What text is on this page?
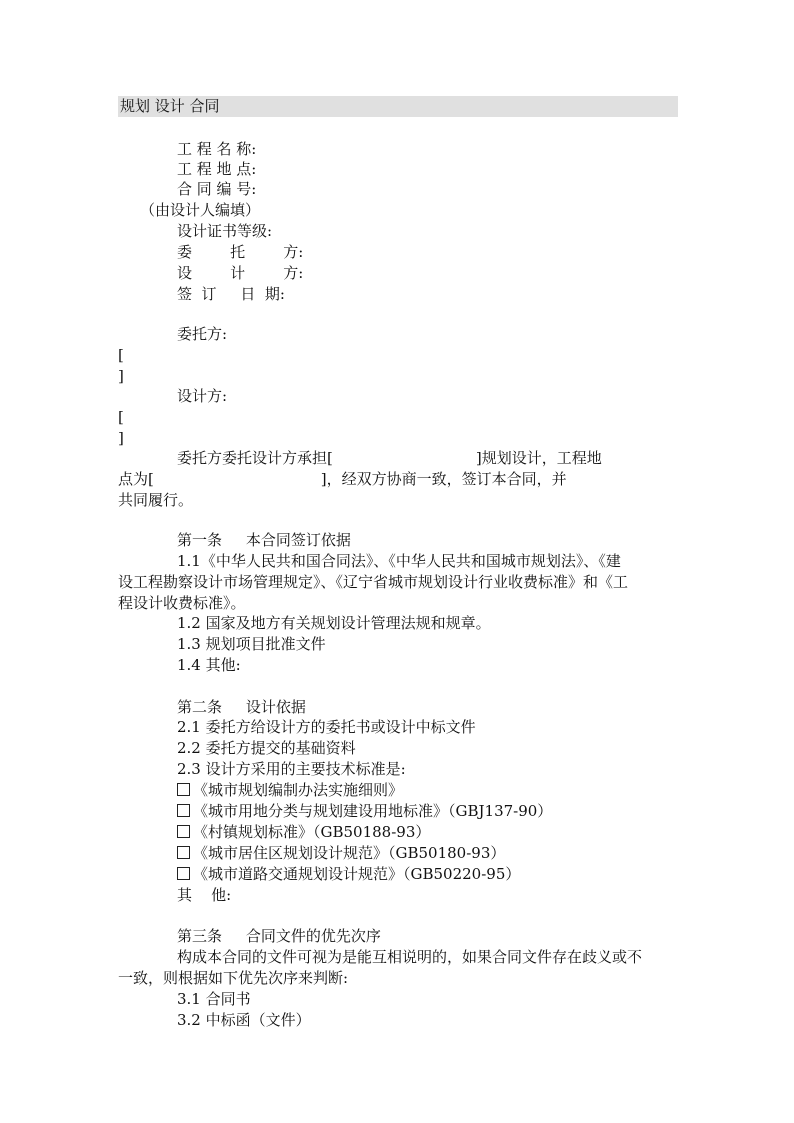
规划 设计 合同
工 程 名 称:
工 程 地 点:
合 同 编 号:
（由设计人编填）
设计证书等级:
委        托        方:
设        计        方:
签  订     日  期:
委托方:
[
]
设计方:
[
]
委托方委托设计方承担[                              ]规划设计，工程地
点为[                                   ]，经双方协商一致，签订本合同，并
共同履行。
第一条     本合同签订依据
1.1《中华人民共和国合同法》、《中华人民共和国城市规划法》、《建
设工程勘察设计市场管理规定》、《辽宁省城市规划设计行业收费标准》和《工
程设计收费标准》。
1.2 国家及地方有关规划设计管理法规和规章。
1.3 规划项目批准文件
1.4 其他:
第二条     设计依据
2.1 委托方给设计方的委托书或设计中标文件
2.2 委托方提交的基础资料
2.3 设计方采用的主要技术标准是:
《城市规划编制办法实施细则》
《城市用地分类与规划建设用地标准》（GBJ137-90）
《村镇规划标准》（GB50188-93）
《城市居住区规划设计规范》（GB50180-93）
《城市道路交通规划设计规范》（GB50220-95）
其    他:
第三条     合同文件的优先次序
构成本合同的文件可视为是能互相说明的，如果合同文件存在歧义或不
一致，则根据如下优先次序来判断:
3.1 合同书
3.2 中标函（文件）
